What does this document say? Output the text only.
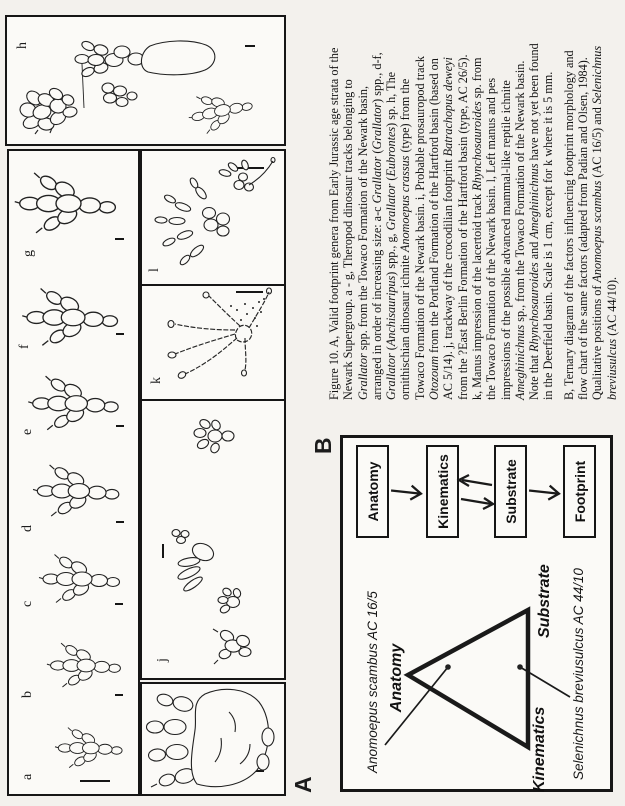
a
b
c
d
e
f
g
h
j
k
l
A
B
Anomoepus scambus AC 16/5 Anatomy
Kinematics
Substrate Selenichnus breviusulcus AC 44/10
Anatomy	Kinematics	Substrate	Footprint
Figure 10. A, Valid footprint genera from Early Jurassic age strata of the Newark Supergroup. a - g, Theropod dinosaur tracks belonging to Grallator spp. from the Towaco Formation of the Newark basin, arranged in order of increasing size: a-c Grallator (Grallator) spp., d-f,
Grallator (Anchisauripus) spp., g, Grallator (Eubrontes) sp. h, The
ornithischian dinosaur ichnite Anomoepus crassus (type) from the Towaco Formation of the Newark basin. i, Probable prosauropod track Otozoum from the Portland Formation of the Hartford basin (based on AC 5/14). j, trackway of the crocodilian footprint Batrachopus deweyi from the ?East Berlin Formation of the Hartford basin (type, AC 26/5). k, Manus impression of the lacertoid track Rhynchosauroides sp. from the Towaco Formation of the Newark basin. l, Left manus and pes impressions of the possible advanced mammal-like reptile ichnite Ameghinichnus sp., from the Towaco Formation of the Newark basin.
Note that Rhynchosauroides and Ameghinichnus have not yet been found in the Deerfield basin. Scale is 1 cm, except for k where it is 5 mm. B, Ternary diagram of the factors influencing footprint morphology and flow chart of the same factors (adapted from Padian and Olsen, 1984). Qualitative positions of Anomoepus scambus (AC 16/5) and Selenichnus
breviusulcus (AC 44/10).
